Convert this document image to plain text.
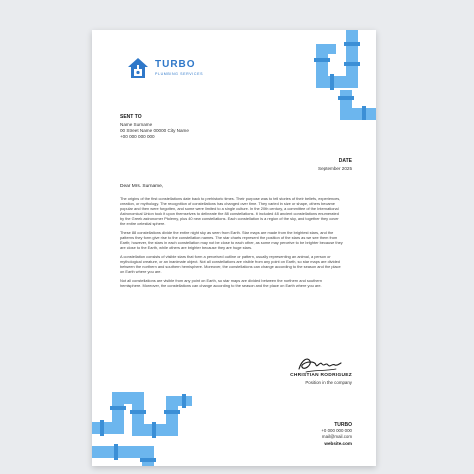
TURBO
PLUMBING SERVICES
SENT TO
Name Surname
00 Street Name 00000 City Name
+00 000 000 000
DATE
September 2025
Dear Mrs. Surname,

The origins of the first constellations date back to prehistoric times. Their purpose was to tell stories of their beliefs, experiences, creation, or mythology. The recognition of constellations has changed over time. They varied in size or shape, others became popular and then were forgotten, and some were limited to a single culture. In the 20th century, a committee of the International Astronomical Union took it upon themselves to delineate the 88 constellations. It included 48 ancient constellations enumerated by the Greek astronomer Ptolemy, plus 40 new constellations. Each constellation is a region of the sky, and together they cover the entire celestial sphere.

These 88 constellations divide the entire night sky as seen from Earth. Star maps are made from the brightest stars, and the patterns they form give rise to the constellation names. The star charts represent the position of the stars as we see them from Earth; however, the stars in each constellation may not be close to each other, as some may perceive to be brighter because they are close to the Earth, while others are brighter because they are huge stars.

A constellation consists of visible stars that form a perceived outline or pattern, usually representing an animal, a person or mythological creature, or an inanimate object. Not all constellations are visible from any point on Earth, so star maps are divided between the northern and southern hemisphere. Moreover, the constellations can change according to the season and the place on Earth where you are.

Not all constellations are visible from any point on Earth, so star maps are divided between the northern and southern hemisphere. Moreover, the constellations can change according to the season and the place on Earth where you are.

CHRISTIAN RODRIGUEZ
Position in the company
TURBO
+0 000 000 000
mail@mail.com
website.com
